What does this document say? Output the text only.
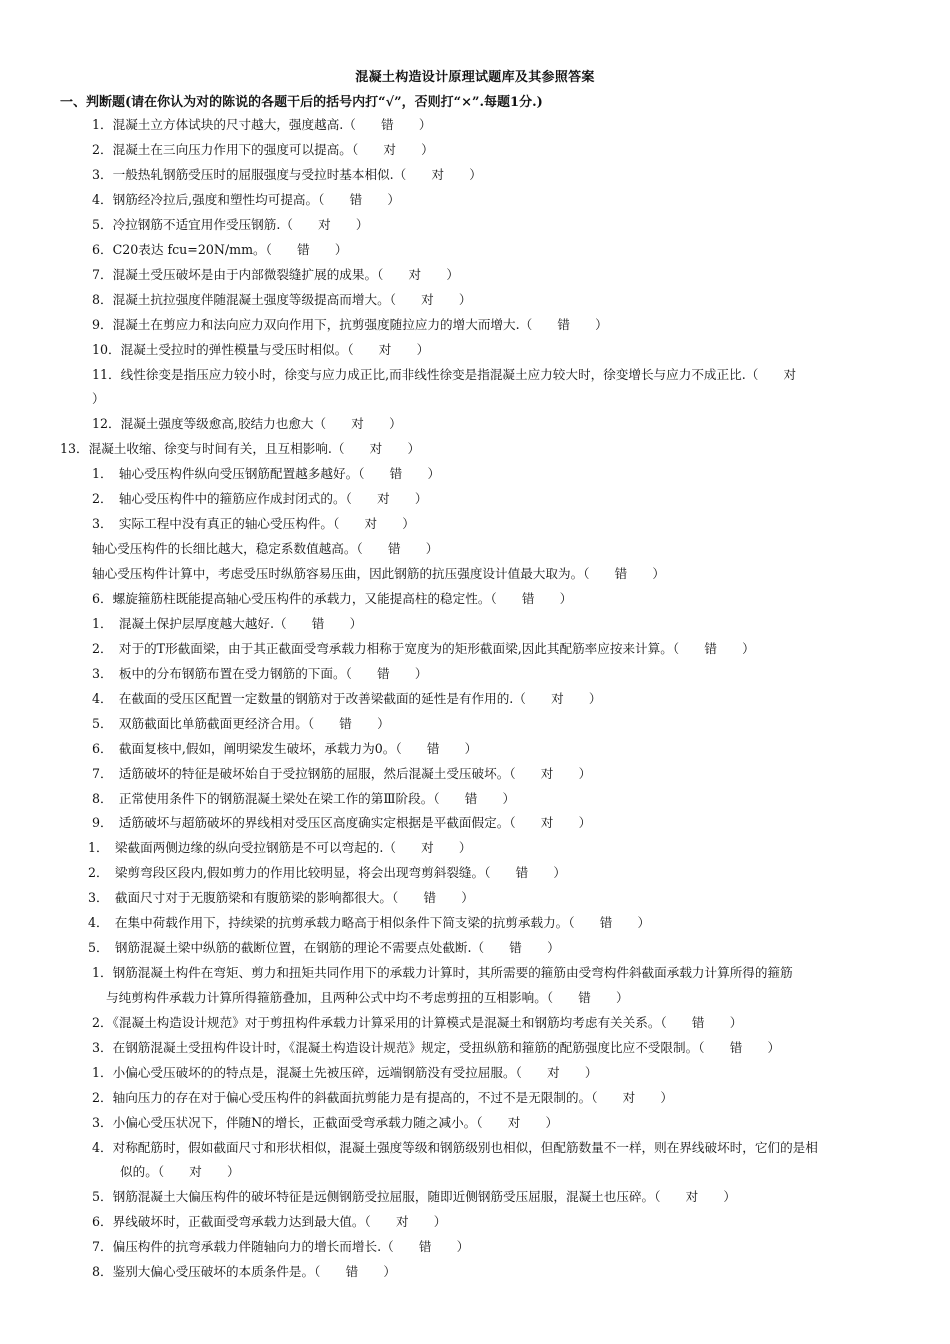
混凝土构造设计原理试题库及其参照答案
一、判断题(请在你认为对的陈说的各题干后的括号内打“√”，否则打“×”.每题1分.)
1．混凝土立方体试块的尺寸越大，强度越高.（　　错　　）
2．混凝土在三向压力作用下的强度可以提高。（　　对　　）
3．一般热轧钢筋受压时的屈服强度与受拉时基本相似.（　　对　　）
4．钢筋经冷拉后,强度和塑性均可提高。（　　错　　）
5．冷拉钢筋不适宜用作受压钢筋.（　　对　　）
6．C20表达 fcu=20N/mm。（　　错　　）
7．混凝土受压破坏是由于内部微裂缝扩展的成果。（　　对　　）
8．混凝土抗拉强度伴随混凝土强度等级提高而增大。（　　对　　）
9．混凝土在剪应力和法向应力双向作用下，抗剪强度随拉应力的增大而增大.（　　错　　）
10．混凝土受拉时的弹性模量与受压时相似。（　　对　　）
11．线性徐变是指压应力较小时，徐变与应力成正比,而非线性徐变是指混凝土应力较大时，徐变增长与应力不成正比.（　　对
）
12．混凝土强度等级愈高,胶结力也愈大（　　对　　）
13．混凝土收缩、徐变与时间有关，且互相影响.（　　对　　）
1．　轴心受压构件纵向受压钢筋配置越多越好。（　　错　　）
2．　轴心受压构件中的箍筋应作成封闭式的。（　　对　　）
3．　实际工程中没有真正的轴心受压构件。（　　对　　）
轴心受压构件的长细比越大，稳定系数值越高。（　　错　　）
轴心受压构件计算中，考虑受压时纵筋容易压曲，因此钢筋的抗压强度设计值最大取为。（　　错　　）
6．螺旋箍筋柱既能提高轴心受压构件的承载力，又能提高柱的稳定性。（　　错　　）
1．　混凝土保护层厚度越大越好.（　　错　　）
2．　对于的T形截面梁，由于其正截面受弯承载力相称于宽度为的矩形截面梁,因此其配筋率应按来计算。（　　错　　）
3．　板中的分布钢筋布置在受力钢筋的下面。（　　错　　）
4．　在截面的受压区配置一定数量的钢筋对于改善梁截面的延性是有作用的.（　　对　　）
5．　双筋截面比单筋截面更经济合用。（　　错　　）
6．　截面复核中,假如，阐明梁发生破坏，承载力为0。（　　错　　）
7．　适筋破坏的特征是破坏始自于受拉钢筋的屈服，然后混凝土受压破坏。（　　对　　）
8．　正常使用条件下的钢筋混凝土梁处在梁工作的第Ⅲ阶段。（　　错　　）
9．　适筋破坏与超筋破坏的界线相对受压区高度确实定根据是平截面假定。（　　对　　）
1．　梁截面两侧边缘的纵向受拉钢筋是不可以弯起的.（　　对　　）
2．　梁剪弯段区段内,假如剪力的作用比较明显，将会出现弯剪斜裂缝。（　　错　　）
3．　截面尺寸对于无腹筋梁和有腹筋梁的影响都很大。（　　错　　）
4．　在集中荷载作用下，持续梁的抗剪承载力略高于相似条件下简支梁的抗剪承载力。（　　错　　）
5．　钢筋混凝土梁中纵筋的截断位置，在钢筋的理论不需要点处截断.（　　错　　）
1．钢筋混凝土构件在弯矩、剪力和扭矩共同作用下的承载力计算时，其所需要的箍筋由受弯构件斜截面承载力计算所得的箍筋
与纯剪构件承载力计算所得箍筋叠加，且两种公式中均不考虑剪扭的互相影响。（　　错　　）
2．《混凝土构造设计规范》对于剪扭构件承载力计算采用的计算模式是混凝土和钢筋均考虑有关关系。（　　错　　）
3．在钢筋混凝土受扭构件设计时，《混凝土构造设计规范》规定，受扭纵筋和箍筋的配筋强度比应不受限制。（　　错　　）
1．小偏心受压破坏的的特点是，混凝土先被压碎，远端钢筋没有受拉屈服。（　　对　　）
2．轴向压力的存在对于偏心受压构件的斜截面抗剪能力是有提高的，不过不是无限制的。（　　对　　）
3．小偏心受压状况下，伴随N的增长，正截面受弯承载力随之减小。（　　对　　）
4．对称配筋时，假如截面尺寸和形状相似，混凝土强度等级和钢筋级别也相似，但配筋数量不一样，则在界线破坏时，它们的是相
似的。（　　对　　）
5．钢筋混凝土大偏压构件的破坏特征是远侧钢筋受拉屈服，随即近侧钢筋受压屈服，混凝土也压碎。（　　对　　）
6．界线破坏时，正截面受弯承载力达到最大值。（　　对　　）
7．偏压构件的抗弯承载力伴随轴向力的增长而增长.（　　错　　）
8．鉴别大偏心受压破坏的本质条件是。（　　错　　）
